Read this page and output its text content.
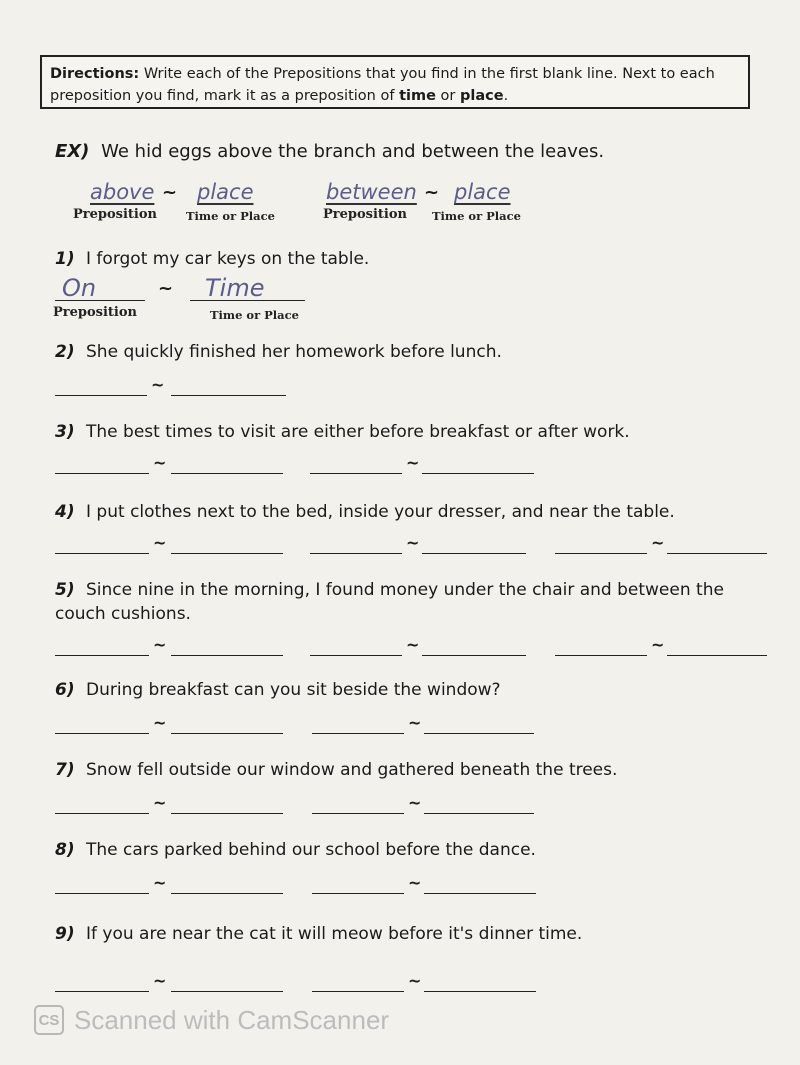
Directions: Write each of the Prepositions that you find in the first blank line. Next to each preposition you find, mark it as a preposition of time or place.
EX) We hid eggs above the branch and between the leaves.
above ~ place
Preposition	Time or Place
between ~ place
Preposition Time or Place
1) I forgot my car keys on the table.
On	~ Time
Preposition	Time or Place
2) She quickly finished her homework before lunch.
~
3) The best times to visit are either before breakfast or after work.
~	~
4) I put clothes next to the bed, inside your dresser, and near the table.
~	~	~
5) Since nine in the morning, I found money under the chair and between the couch cushions.
~	~	~
6) During breakfast can you sit beside the window?
~	~
7) Snow fell outside our window and gathered beneath the trees.
~	~
8) The cars parked behind our school before the dance.
~	~
9) If you are near the cat it will meow before it's dinner time.
~	~
CS Scanned with CamScanner
